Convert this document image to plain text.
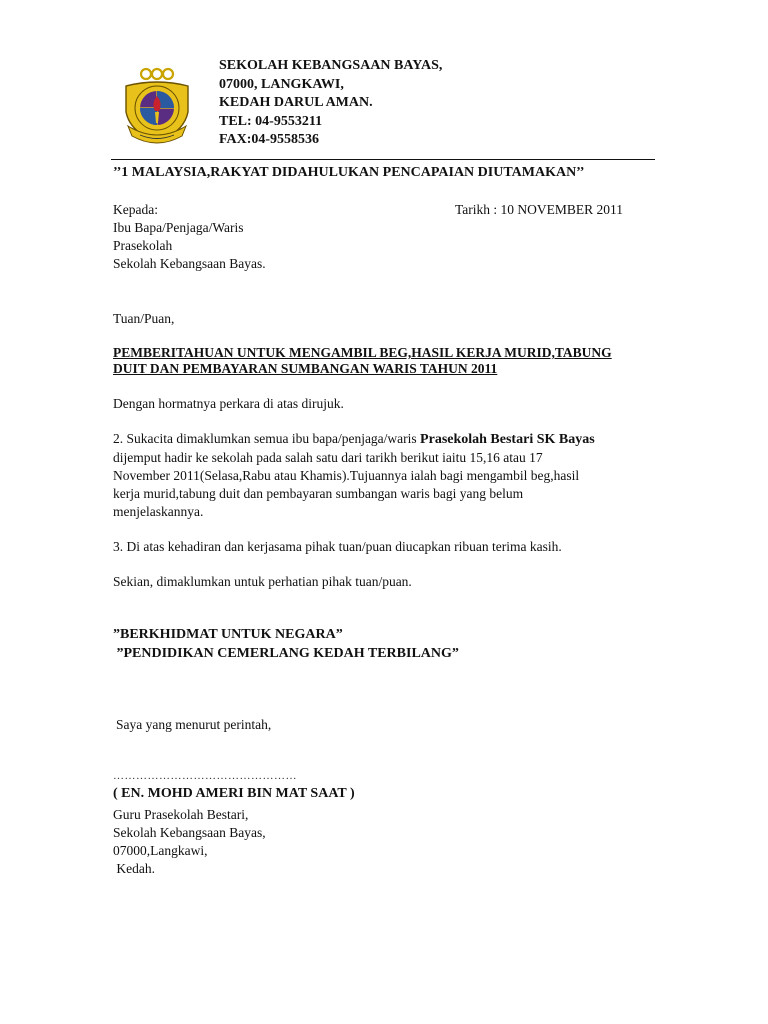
SEKOLAH KEBANGSAAN BAYAS,
07000, LANGKAWI,
KEDAH DARUL AMAN.
TEL: 04-9553211
FAX:04-9558536
’’1 MALAYSIA,RAKYAT DIDAHULUKAN PENCAPAIAN DIUTAMAKAN’’
Kepada:
Ibu Bapa/Penjaga/Waris
Prasekolah
Sekolah Kebangsaan Bayas.
Tarikh : 10 NOVEMBER 2011
Tuan/Puan,
PEMBERITAHUAN UNTUK MENGAMBIL BEG,HASIL KERJA MURID,TABUNG
DUIT DAN PEMBAYARAN SUMBANGAN WARIS TAHUN 2011
Dengan hormatnya perkara di atas dirujuk.
2. Sukacita dimaklumkan semua ibu bapa/penjaga/waris Prasekolah Bestari SK Bayas
dijemput hadir ke sekolah pada salah satu dari tarikh berikut iaitu 15,16 atau 17
November 2011(Selasa,Rabu atau Khamis).Tujuannya ialah bagi mengambil beg,hasil
kerja murid,tabung duit dan pembayaran sumbangan waris bagi yang belum
menjelaskannya.
3. Di atas kehadiran dan kerjasama pihak tuan/puan diucapkan ribuan terima kasih.
Sekian, dimaklumkan untuk perhatian pihak tuan/puan.
”BERKHIDMAT UNTUK NEGARA”
”PENDIDIKAN CEMERLANG KEDAH TERBILANG”
Saya yang menurut perintah,
…………………………………………
( EN. MOHD AMERI BIN MAT SAAT )
Guru Prasekolah Bestari,
Sekolah Kebangsaan Bayas,
07000,Langkawi,
Kedah.
